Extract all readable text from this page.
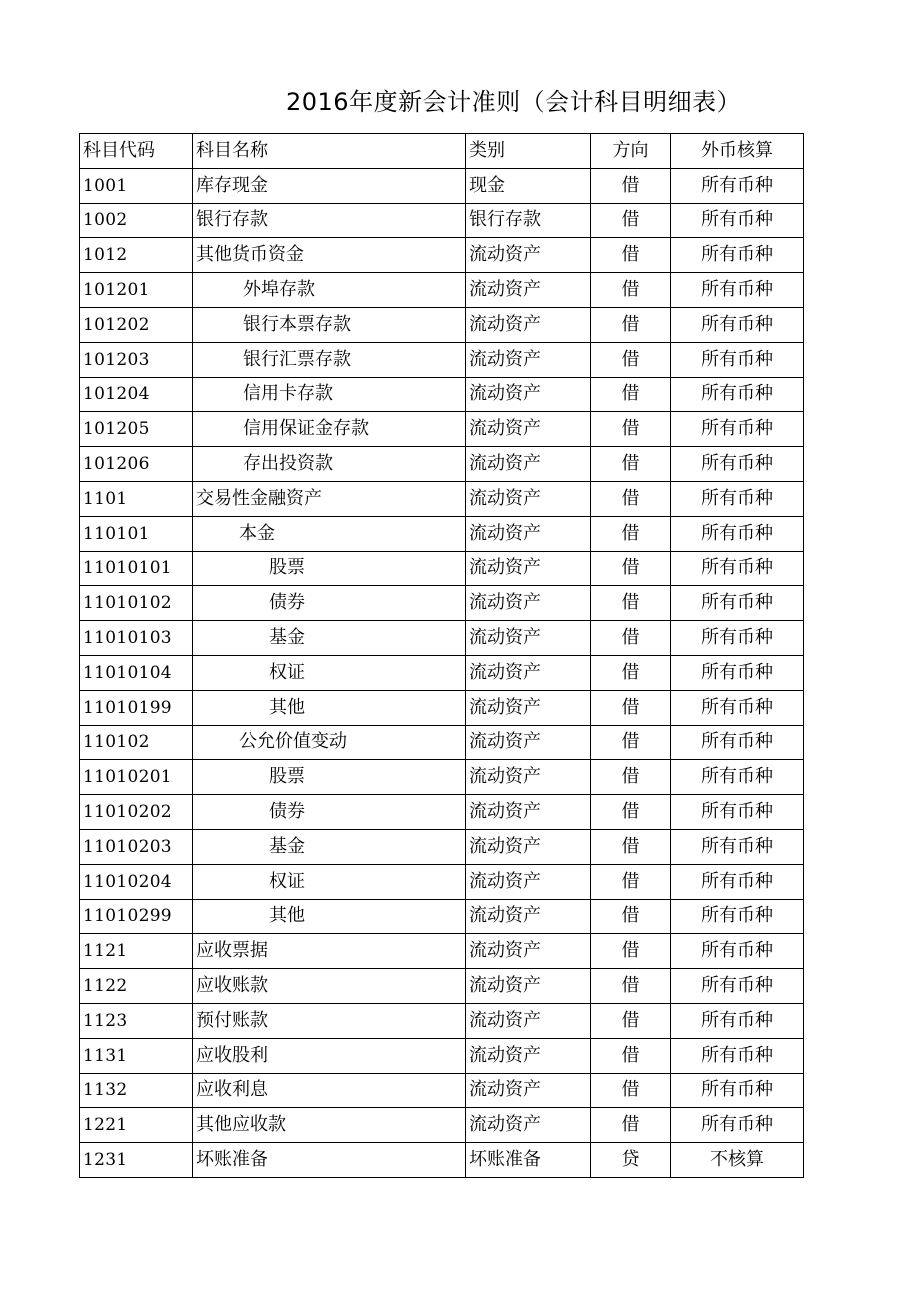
2016年度新会计准则（会计科目明细表）
科目代码	科目名称	类别	方向	外币核算
1001	库存现金	现金	借	所有币种
1002	银行存款	银行存款	借	所有币种
1012	其他货币资金	流动资产	借	所有币种
101201	外埠存款	流动资产	借	所有币种
101202	银行本票存款	流动资产	借	所有币种
101203	银行汇票存款	流动资产	借	所有币种
101204	信用卡存款	流动资产	借	所有币种
101205	信用保证金存款	流动资产	借	所有币种
101206	存出投资款	流动资产	借	所有币种
1101	交易性金融资产	流动资产	借	所有币种
110101	本金	流动资产	借	所有币种
11010101	股票	流动资产	借	所有币种
11010102	债券	流动资产	借	所有币种
11010103	基金	流动资产	借	所有币种
11010104	权证	流动资产	借	所有币种
11010199	其他	流动资产	借	所有币种
110102	公允价值变动	流动资产	借	所有币种
11010201	股票	流动资产	借	所有币种
11010202	债券	流动资产	借	所有币种
11010203	基金	流动资产	借	所有币种
11010204	权证	流动资产	借	所有币种
11010299	其他	流动资产	借	所有币种
1121	应收票据	流动资产	借	所有币种
1122	应收账款	流动资产	借	所有币种
1123	预付账款	流动资产	借	所有币种
1131	应收股利	流动资产	借	所有币种
1132	应收利息	流动资产	借	所有币种
1221	其他应收款	流动资产	借	所有币种
1231	坏账准备	坏账准备	贷	不核算
